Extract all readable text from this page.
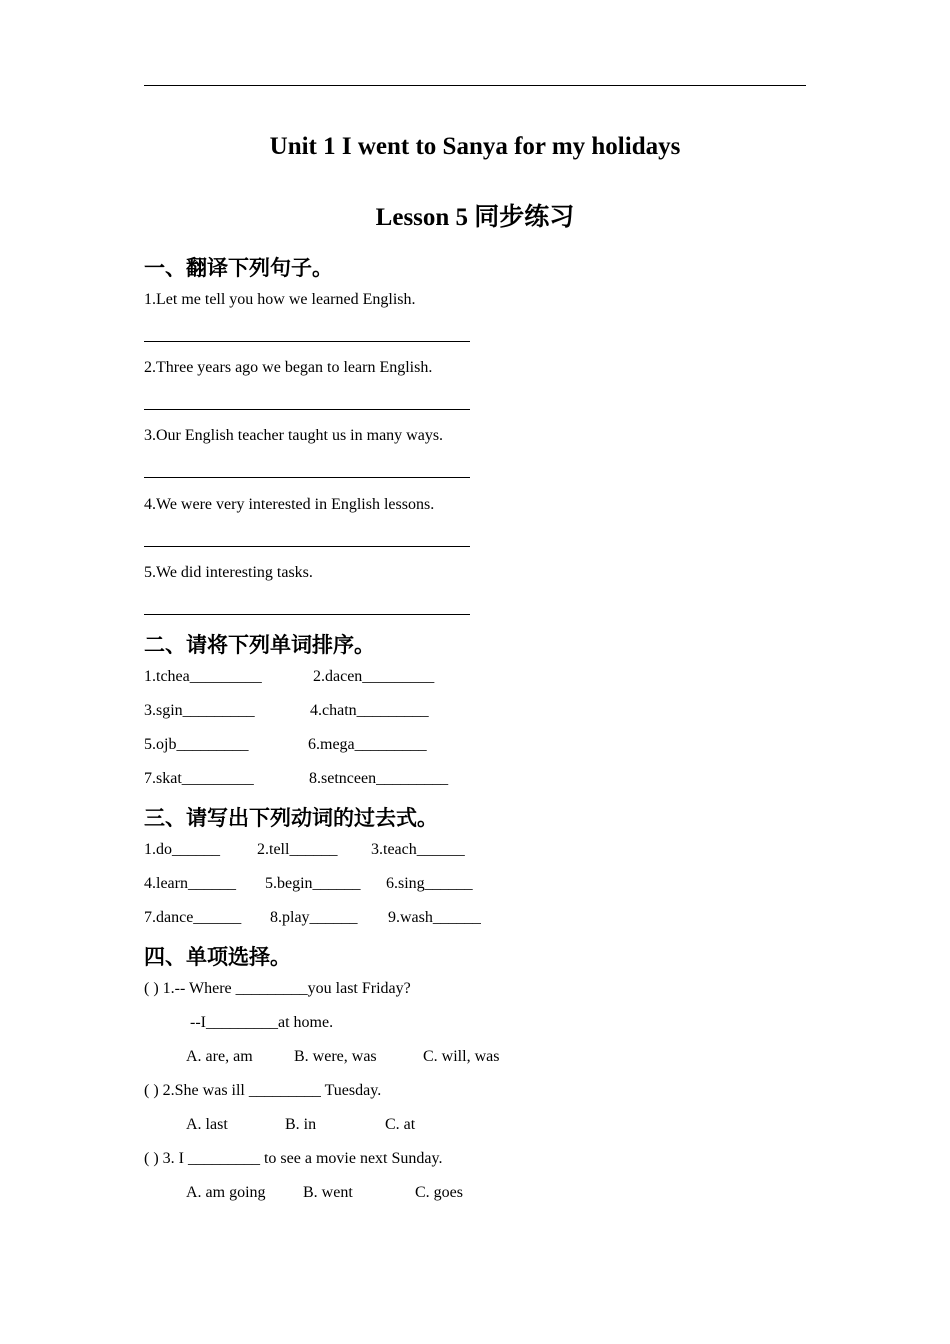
Unit 1 I went to Sanya for my holidays
Lesson 5 同步练习
一、翻译下列句子。
1.Let me tell you how we learned English.
2.Three years ago we began to learn English.
3.Our English teacher taught us in many ways.
4.We were very interested in English lessons.
5.We did interesting tasks.
二、请将下列单词排序。
1.tchea_________	2.dacen_________
3.sgin_________	4.chatn_________
5.ojb_________	6.mega_________
7.skat_________	8.setnceen_________
三、请写出下列动词的过去式。
1.do______ 2.tell______ 3.teach______
4.learn______ 5.begin______ 6.sing______
7.dance______ 8.play______ 9.wash______
四、单项选择。
( ) 1.-- Where _________you last Friday?
--I_________at home.
A. are, am	B. were, was	C. will, was
( ) 2.She was ill _________ Tuesday.
A. last	B. in	C. at
( ) 3. I _________ to see a movie next Sunday.
A. am going B. went	C. goes
